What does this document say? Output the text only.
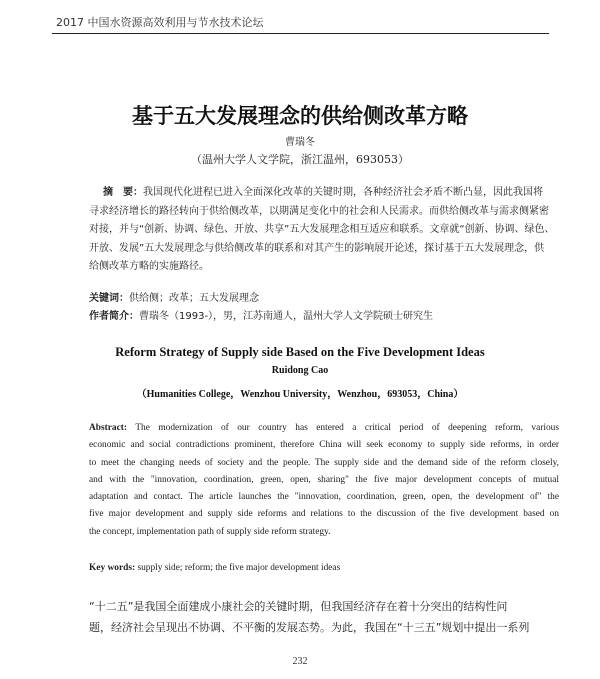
2017 中国水资源高效利用与节水技术论坛
基于五大发展理念的供给侧改革方略
曹瑞冬
（温州大学人文学院，浙江温州，693053）
摘　要：我国现代化进程已进入全面深化改革的关键时期，各种经济社会矛盾不断凸显，因此我国将
寻求经济增长的路径转向于供给侧改革，以期满足变化中的社会和人民需求。而供给侧改革与需求侧紧密
对接，并与“创新、协调、绿色、开放、共享”五大发展理念相互适应和联系。文章就“创新、协调、绿色、
开放、发展”五大发展理念与供给侧改革的联系和对其产生的影响展开论述，探讨基于五大发展理念，供
给侧改革方略的实施路径。
关键词：供给侧；改革；五大发展理念
作者简介：曹瑞冬（1993-），男，江苏南通人，温州大学人文学院硕士研究生
Reform Strategy of Supply side Based on the Five Development Ideas
Ruidong Cao
（Humanities College，Wenzhou University，Wenzhou，693053，China）
Abstract: The modernization of our country has entered a critical period of deepening reform, various
economic and social contradictions prominent, therefore China will seek economy to supply side reforms, in order
to meet the changing needs of society and the people. The supply side and the demand side of the reform closely,
and with the "innovation, coordination, green, open, sharing" the five major development concepts of mutual
adaptation and contact. The article launches the "innovation, coordination, green, open, the development of" the
five major development and supply side reforms and relations to the discussion of the five development based on
the concept, implementation path of supply side reform strategy.
Key words: supply side; reform; the five major development ideas
“十二五”是我国全面建成小康社会的关键时期，但我国经济存在着十分突出的结构性问
题，经济社会呈现出不协调、不平衡的发展态势。为此，我国在“十三五”规划中提出一系列
232
